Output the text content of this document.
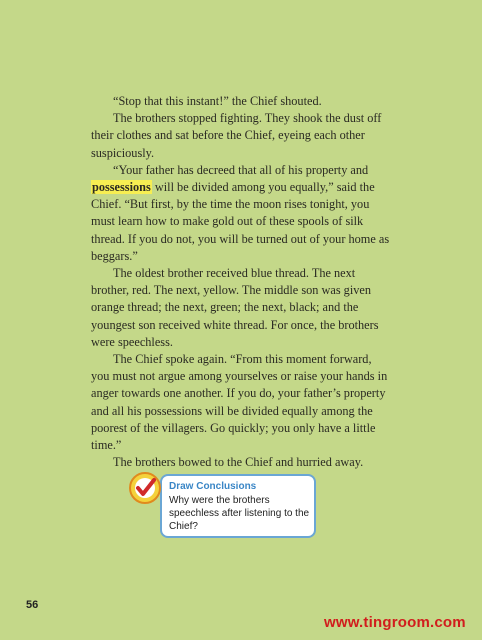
“Stop that this instant!” the Chief shouted.

The brothers stopped fighting. They shook the dust off their clothes and sat before the Chief, eyeing each other suspiciously.

“Your father has decreed that all of his property and possessions will be divided among you equally,” said the Chief. “But first, by the time the moon rises tonight, you must learn how to make gold out of these spools of silk thread. If you do not, you will be turned out of your home as beggars.”

The oldest brother received blue thread. The next brother, red. The next, yellow. The middle son was given orange thread; the next, green; the next, black; and the youngest son received white thread. For once, the brothers were speechless.

The Chief spoke again. “From this moment forward, you must not argue among yourselves or raise your hands in anger towards one another. If you do, your father’s property and all his possessions will be divided equally among the poorest of the villagers. Go quickly; you only have a little time.”

The brothers bowed to the Chief and hurried away.

Draw Conclusions
Why were the brothers speechless after listening to the Chief?
56
www.tingroom.com
